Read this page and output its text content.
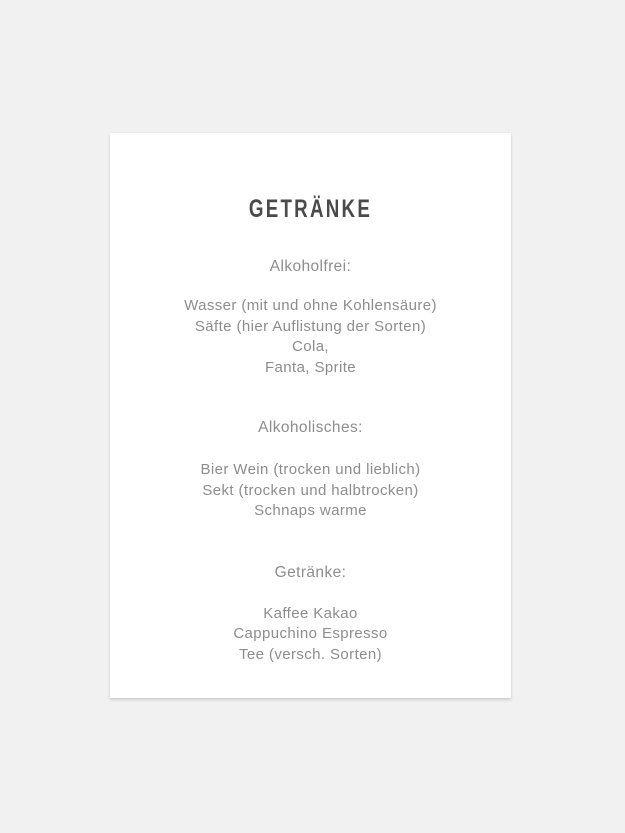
GETRÄNKE
Alkoholfrei:
Wasser (mit und ohne Kohlensäure)
Säfte (hier Auflistung der Sorten)
Cola,
Fanta, Sprite
Alkoholisches:
Bier Wein (trocken und lieblich)
Sekt (trocken und halbtrocken)
Schnaps warme
Getränke:
Kaffee Kakao
Cappuchino Espresso
Tee (versch. Sorten)
